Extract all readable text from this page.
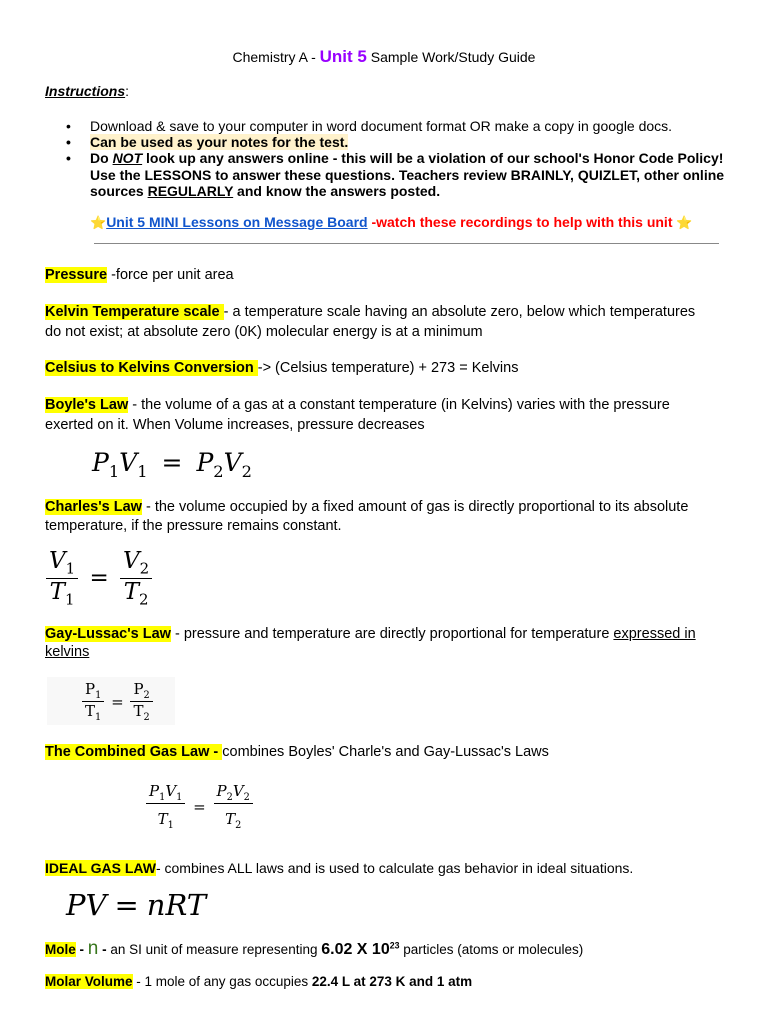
Chemistry A - Unit 5 Sample Work/Study Guide
Instructions:
• Download & save to your computer in word document format OR make a copy in google docs.
• Can be used as your notes for the test.
• Do NOT look up any answers online - this will be a violation of our school's Honor Code Policy!
Use the LESSONS to answer these questions. Teachers review BRAINLY, QUIZLET, other online
sources REGULARLY and know the answers posted.
⭐Unit 5 MINI Lessons on Message Board -watch these recordings to help with this unit ⭐
Pressure -force per unit area
Kelvin Temperature scale - a temperature scale having an absolute zero, below which temperatures
do not exist; at absolute zero (0K) molecular energy is at a minimum
Celsius to Kelvins Conversion -> (Celsius temperature) + 273 = Kelvins
Boyle's Law - the volume of a gas at a constant temperature (in Kelvins) varies with the pressure
exerted on it. When Volume increases, pressure decreases
$P_1V_1 = P_2V_2$
Charles's Law - the volume occupied by a fixed amount of gas is directly proportional to its absolute
temperature, if the pressure remains constant.
$\frac{V_1}{T_1} = \frac{V_2}{T_2}$
Gay-Lussac's Law - pressure and temperature are directly proportional for temperature expressed in
kelvins
$\frac{P_1}{T_1} = \frac{P_2}{T_2}$
The Combined Gas Law - combines Boyles' Charle's and Gay-Lussac's Laws
$\frac{P_1V_1}{T_1} = \frac{P_2V_2}{T_2}$
IDEAL GAS LAW- combines ALL laws and is used to calculate gas behavior in ideal situations.
PV = nRT
Mole - n - an SI unit of measure representing 6.02 X $10^{23}$ particles (atoms or molecules)
Molar Volume - 1 mole of any gas occupies 22.4 L at 273 K and 1 atm
